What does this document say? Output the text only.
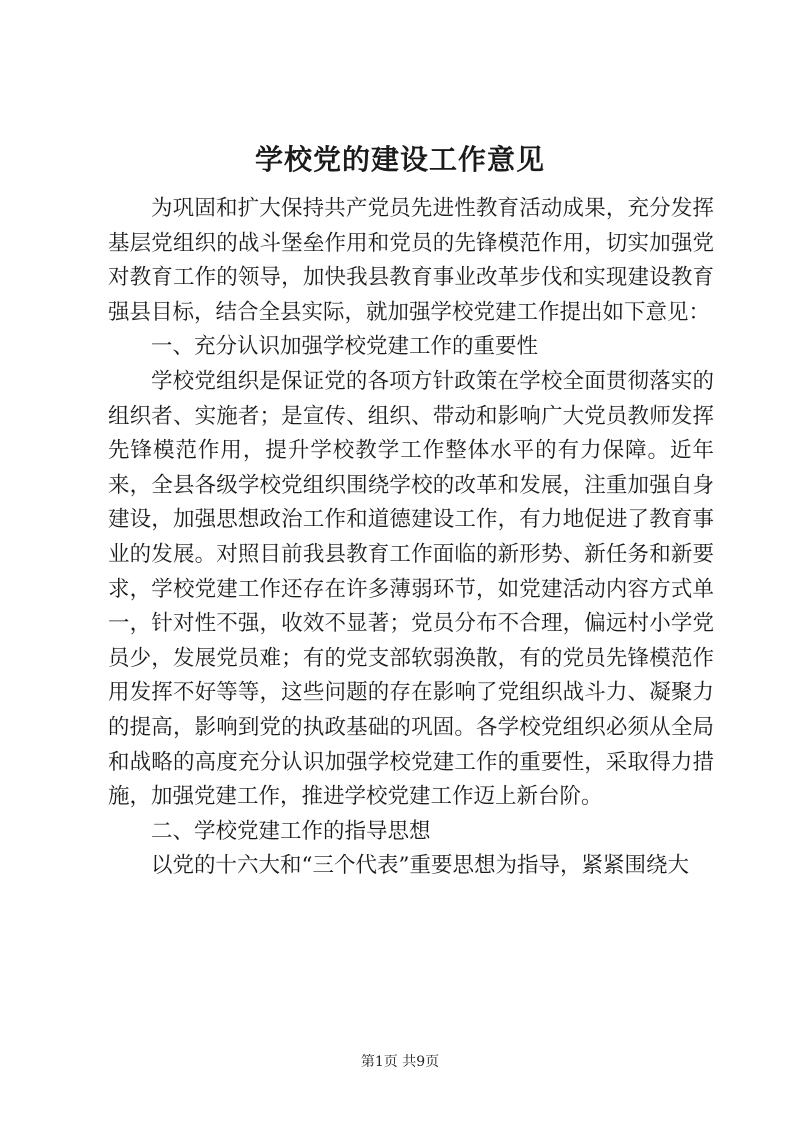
学校党的建设工作意见

为巩固和扩大保持共产党员先进性教育活动成果，充分发挥基层党组织的战斗堡垒作用和党员的先锋模范作用，切实加强党对教育工作的领导，加快我县教育事业改革步伐和实现建设教育强县目标，结合全县实际，就加强学校党建工作提出如下意见：

一、充分认识加强学校党建工作的重要性

学校党组织是保证党的各项方针政策在学校全面贯彻落实的组织者、实施者；是宣传、组织、带动和影响广大党员教师发挥先锋模范作用，提升学校教学工作整体水平的有力保障。近年来，全县各级学校党组织围绕学校的改革和发展，注重加强自身建设，加强思想政治工作和道德建设工作，有力地促进了教育事业的发展。对照目前我县教育工作面临的新形势、新任务和新要求，学校党建工作还存在许多薄弱环节，如党建活动内容方式单一，针对性不强，收效不显著；党员分布不合理，偏远村小学党员少，发展党员难；有的党支部软弱涣散，有的党员先锋模范作用发挥不好等等，这些问题的存在影响了党组织战斗力、凝聚力的提高，影响到党的执政基础的巩固。各学校党组织必须从全局和战略的高度充分认识加强学校党建工作的重要性，采取得力措施，加强党建工作，推进学校党建工作迈上新台阶。

二、学校党建工作的指导思想

以党的十六大和“三个代表”重要思想为指导，紧紧围绕大

第1页 共9页
